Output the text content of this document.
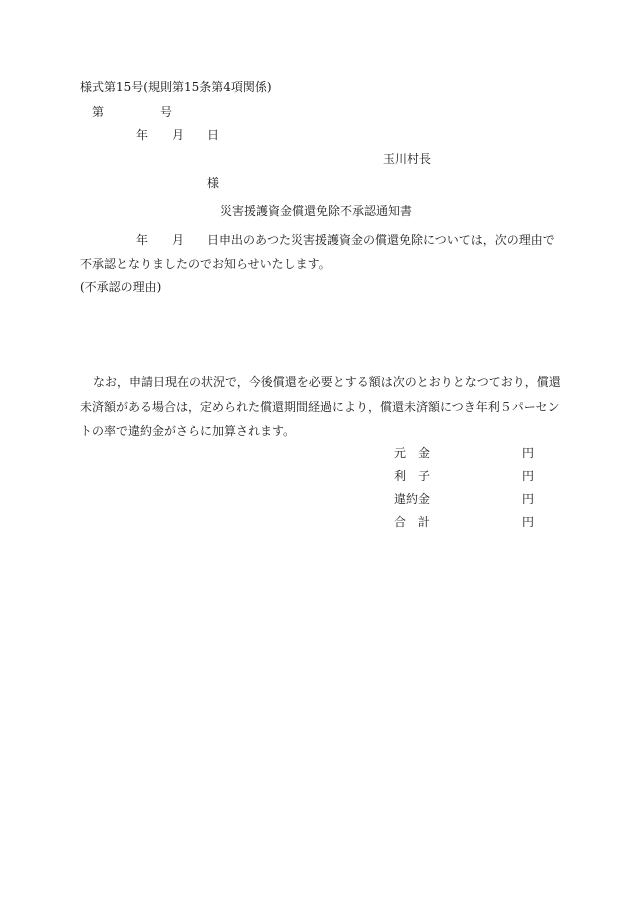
様式第15号(規則第15条第4項関係)
第	号
年 月 日
玉川村長
様
災害援護資金償還免除不承認通知書
年 月 日申出のあつた災害援護資金の償還免除については，次の理由で
不承認となりましたのでお知らせいたします。
(不承認の理由)
なお，申請日現在の状況で，今後償還を必要とする額は次のとおりとなつており，償還
未済額がある場合は，定められた償還期間経過により，償還未済額につき年利５パーセン
トの率で違約金がさらに加算されます。
元　金	円
利　子	円
違約金	円
合　計	円
